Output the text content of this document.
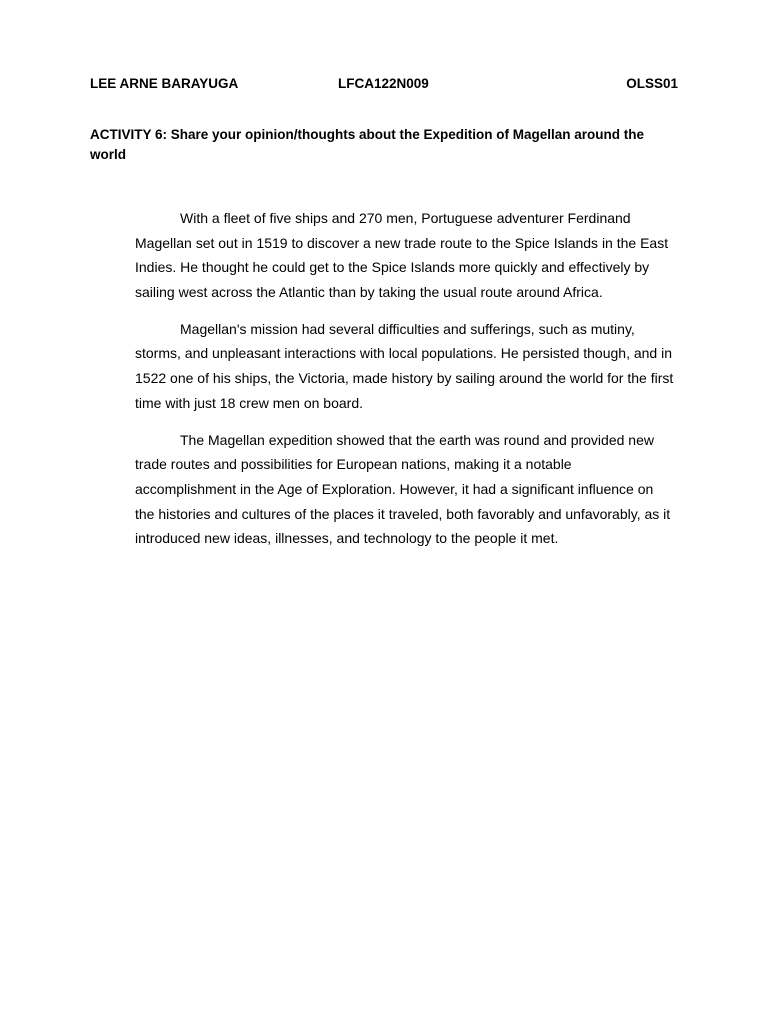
LEE ARNE BARAYUGA	LFCA122N009	OLSS01
ACTIVITY 6: Share your opinion/thoughts about the Expedition of Magellan around the world

With a fleet of five ships and 270 men, Portuguese adventurer Ferdinand Magellan set out in 1519 to discover a new trade route to the Spice Islands in the East Indies. He thought he could get to the Spice Islands more quickly and effectively by sailing west across the Atlantic than by taking the usual route around Africa.

Magellan's mission had several difficulties and sufferings, such as mutiny, storms, and unpleasant interactions with local populations. He persisted though, and in 1522 one of his ships, the Victoria, made history by sailing around the world for the first time with just 18 crew men on board.

The Magellan expedition showed that the earth was round and provided new trade routes and possibilities for European nations, making it a notable accomplishment in the Age of Exploration. However, it had a significant influence on the histories and cultures of the places it traveled, both favorably and unfavorably, as it introduced new ideas, illnesses, and technology to the people it met.
